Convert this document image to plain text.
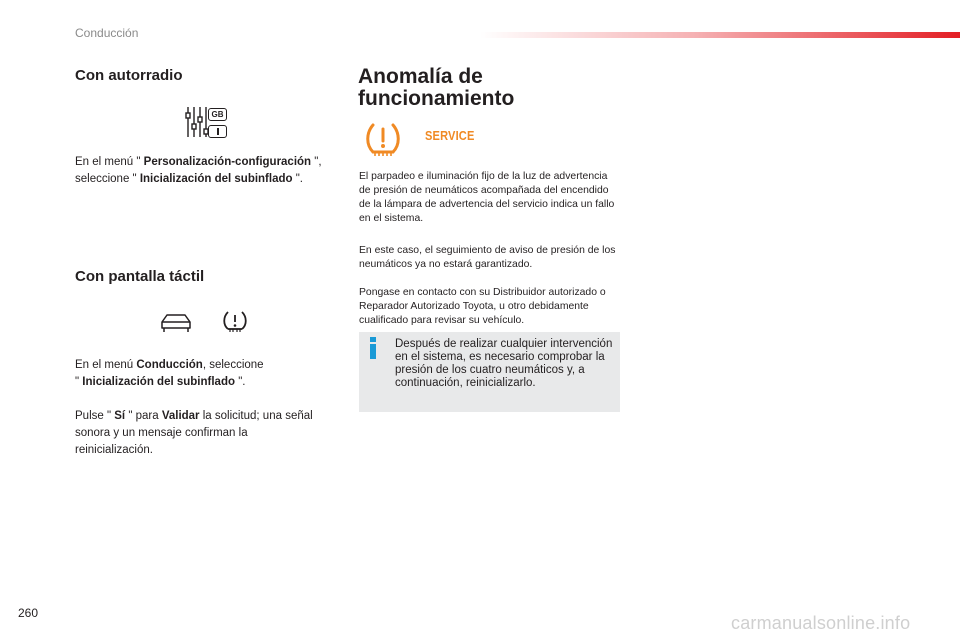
Conducción
Con autorradio
GB
En el menú " Personalización-configuración ",
seleccione " Inicialización del subinflado ".
Con pantalla táctil
En el menú Conducción, seleccione
" Inicialización del subinflado ".
Pulse " Sí " para Validar la solicitud; una señal sonora y un mensaje confirman la reinicialización.
Anomalía de funcionamiento
SERVICE
El parpadeo e iluminación fijo de la luz de advertencia de presión de neumáticos acompañada del encendido de la lámpara de advertencia del servicio indica un fallo en el sistema.
En este caso, el seguimiento de aviso de presión de los neumáticos ya no estará garantizado.
Pongase en contacto con su Distribuidor autorizado o Reparador Autorizado Toyota, u otro debidamente cualificado para revisar su vehículo.
Después de realizar cualquier intervención en el sistema, es necesario comprobar la presión de los cuatro neumáticos y, a continuación, reinicializarlo.
260	carmanualsonline.info
